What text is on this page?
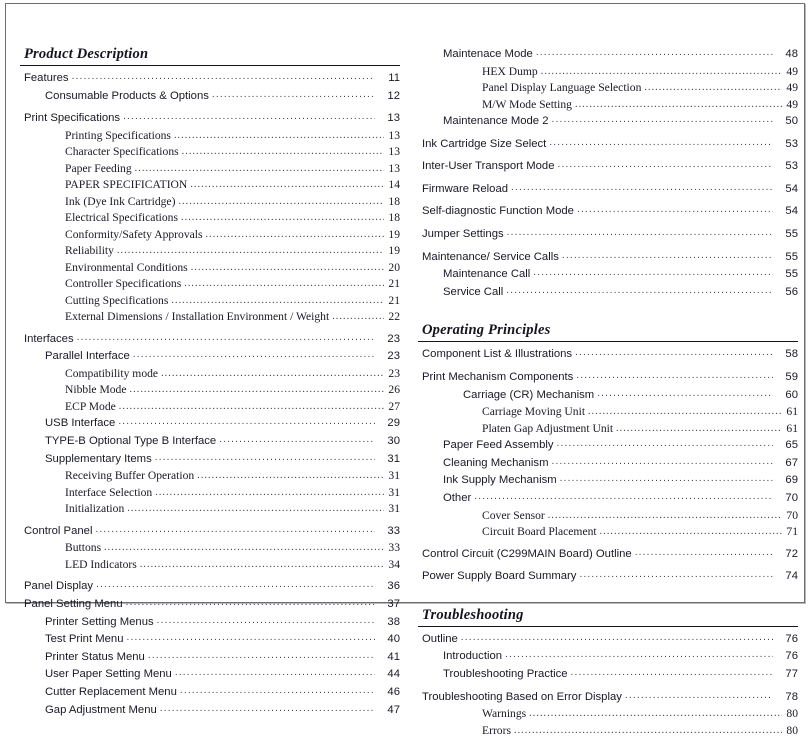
Product Description
Features .....	11
Consumable Products & Options .....	12
Print Specifications .....	13
Printing Specifications .....	13
Character Specifications .....	13
Paper Feeding .....	13
PAPER SPECIFICATION .....	14
Ink (Dye Ink Cartridge) .....	18
Electrical Specifications .....	18
Conformity/Safety Approvals .....	19
Reliability .....	19
Environmental Conditions .....	20
Controller Specifications .....	21
Cutting Specifications .....	21
External Dimensions / Installation Environment / Weight .....	22
Interfaces .....	23
Parallel Interface .....	23
Compatibility mode .....	23
Nibble Mode .....	26
ECP Mode .....	27
USB Interface .....	29
TYPE-B Optional Type B Interface .....	30
Supplementary Items .....	31
Receiving Buffer Operation .....	31
Interface Selection .....	31
Initialization .....	31
Control Panel .....	33
Buttons .....	33
LED Indicators .....	34
Panel Display .....	36
Panel Setting Menu .....	37
Printer Setting Menus .....	38
Test Print Menu .....	40
Printer Status Menu .....	41
User Paper Setting Menu .....	44
Cutter Replacement Menu .....	46
Gap Adjustment Menu .....	47
Maintenace Mode .....	48
HEX Dump .....	49
Panel Display Language Selection .....	49
M/W Mode Setting .....	49
Maintenance Mode 2 .....	50
Ink Cartridge Size Select .....	53
Inter-User Transport Mode .....	53
Firmware Reload .....	54
Self-diagnostic Function Mode .....	54
Jumper Settings .....	55
Maintenance/ Service Calls .....	55
Maintenance Call .....	55
Service Call .....	56
Operating Principles
Component List & Illustrations .....	58
Print Mechanism Components .....	59
Carriage (CR) Mechanism .....	60
Carriage Moving Unit .....	61
Platen Gap Adjustment Unit .....	61
Paper Feed Assembly .....	65
Cleaning Mechanism .....	67
Ink Supply Mechanism .....	69
Other .....	70
Cover Sensor .....	70
Circuit Board Placement .....	71
Control Circuit (C299MAIN Board) Outline .....	72
Power Supply Board Summary .....	74
Troubleshooting
Outline .....	76
Introduction .....	76
Troubleshooting Practice .....	77
Troubleshooting Based on Error Display .....	78
Warnings .....	80
Errors .....	80
